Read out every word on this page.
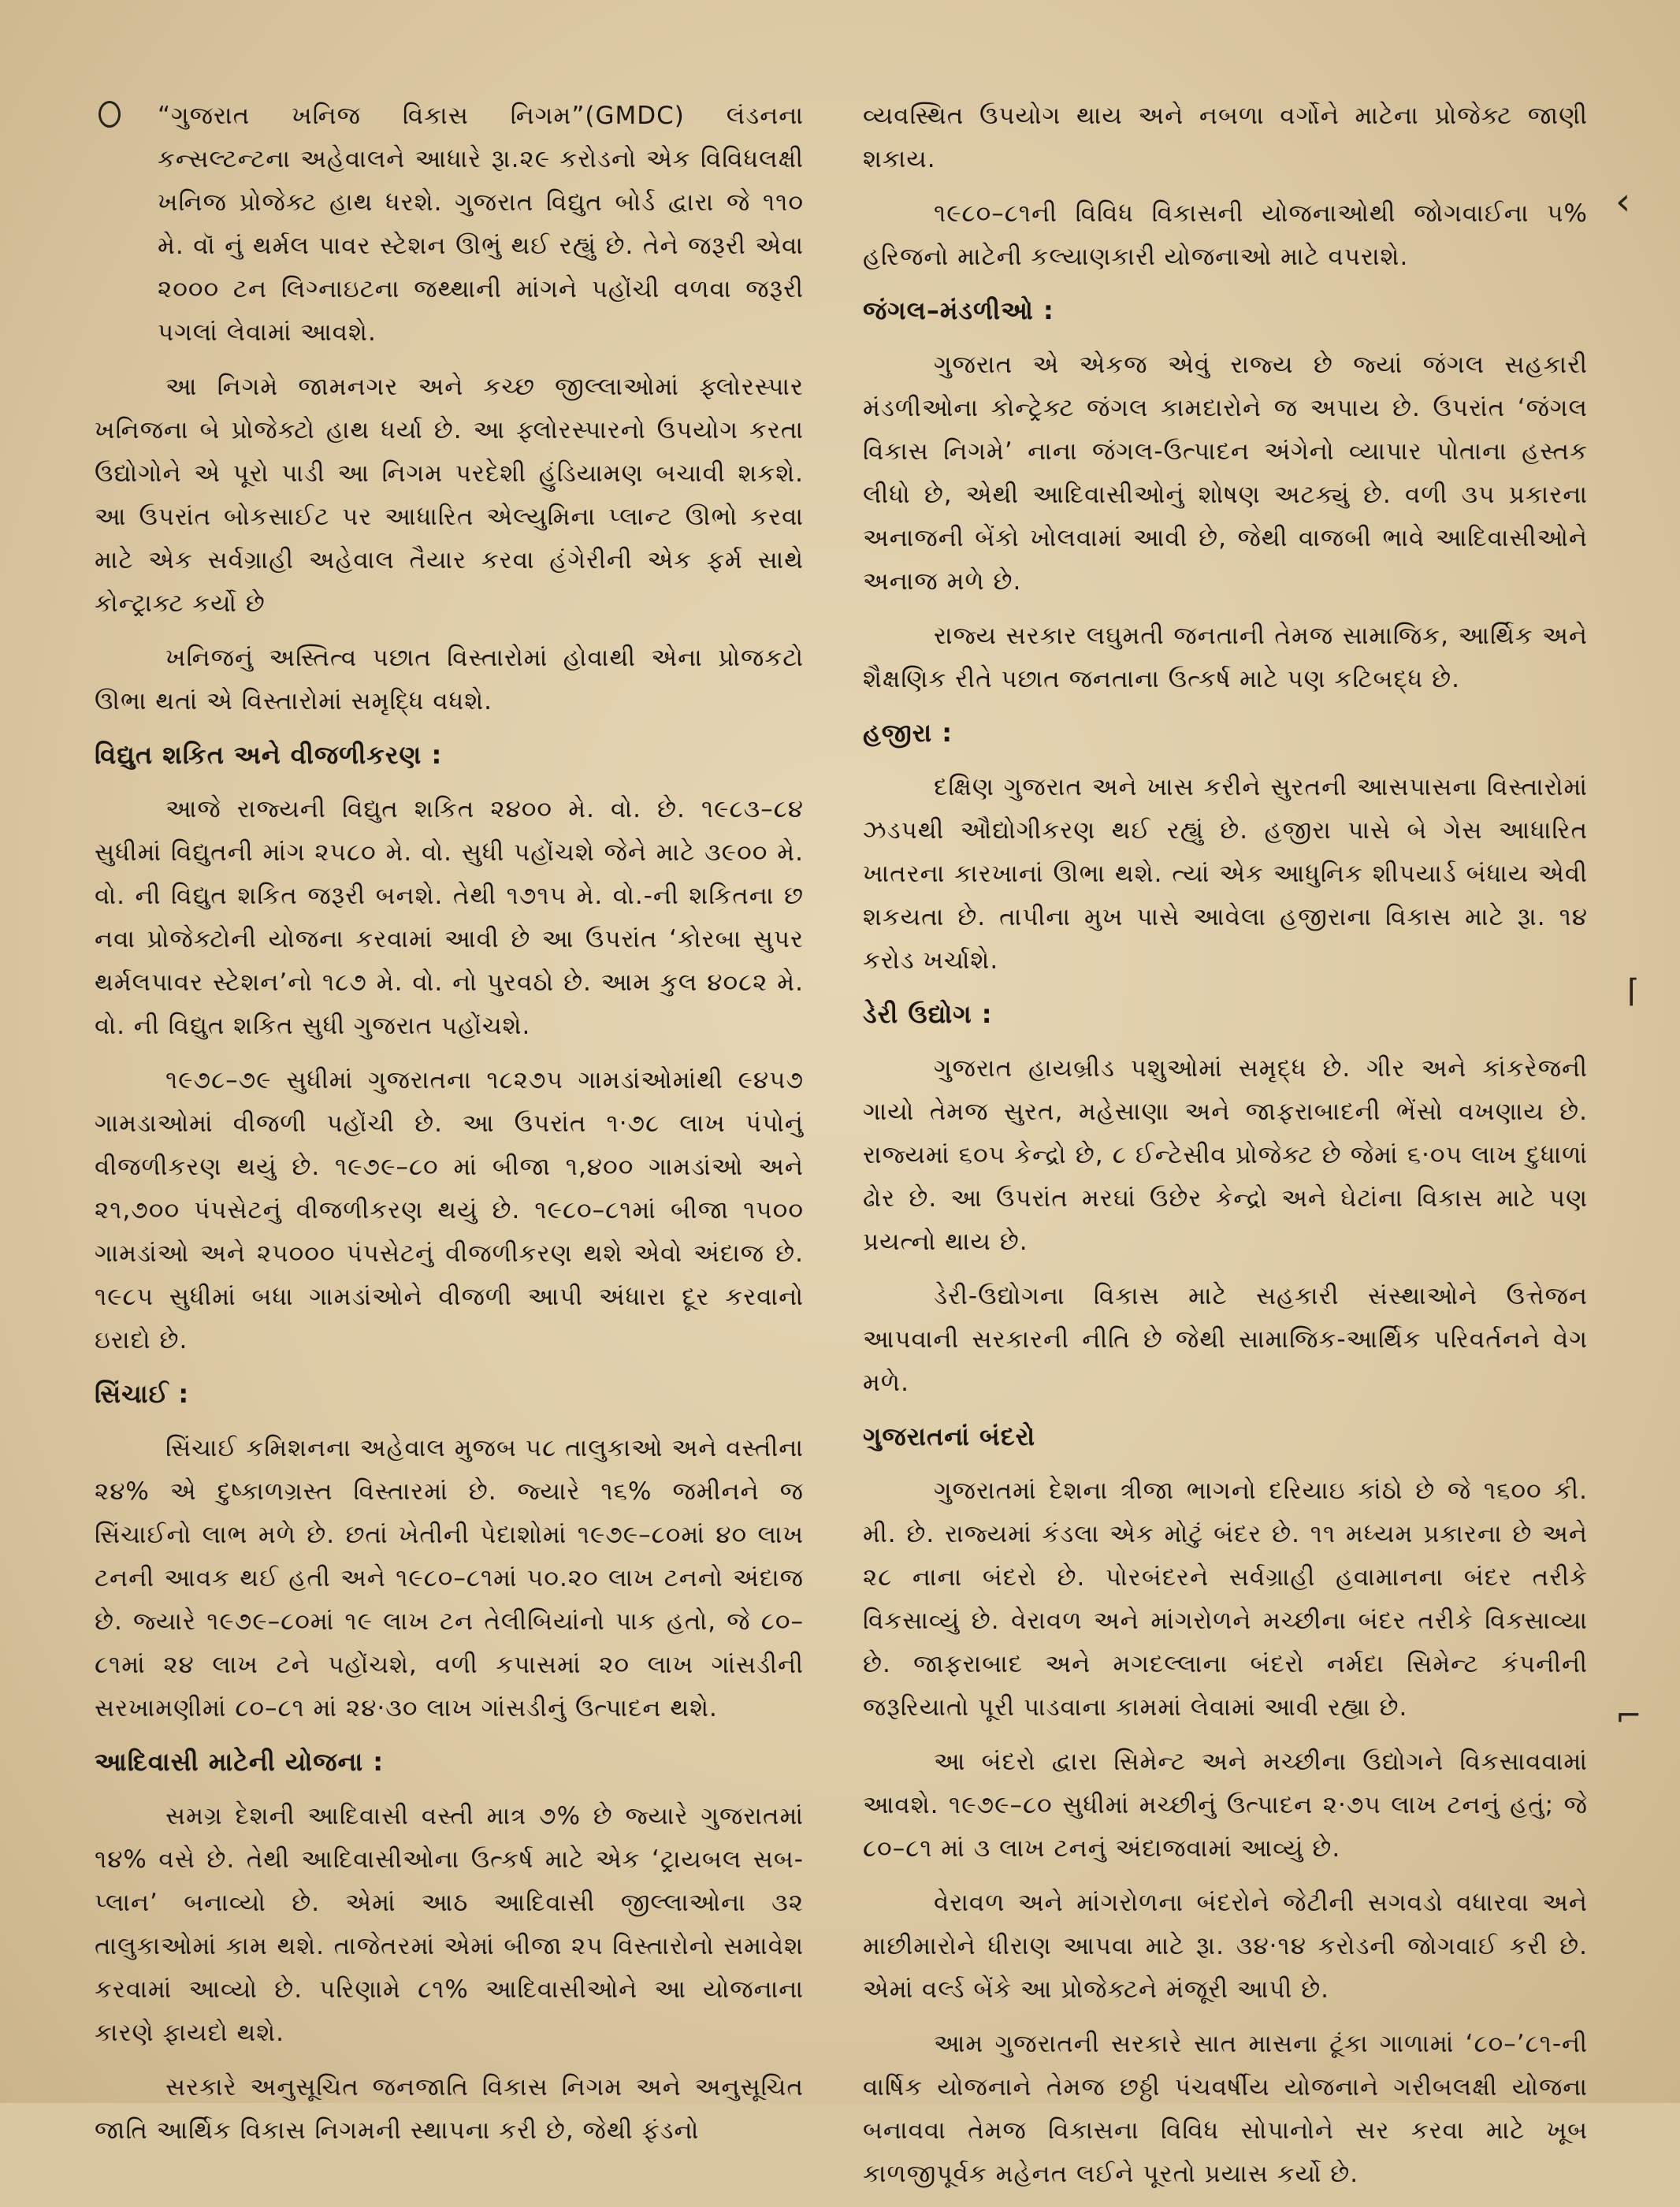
“ગુજરાત ખનિજ વિકાસ નિગમ”(GMDC) લંડનના કન્સલ્ટન્ટના અહેવાલને આધારે રૂા.૨૯ કરોડનો એક વિવિધલક્ષી ખનિજ પ્રોજેક્ટ હાથ ધરશે. ગુજરાત વિદ્યુત બોર્ડ દ્વારા જે ૧૧૦ મે. વૉ નું થર્મલ પાવર સ્ટેશન ઊભું થઈ રહ્યું છે. તેને જરૂરી એવા ૨૦૦૦ ટન લિગ્નાઇટના જથ્થાની માંગને પહોંચી વળવા જરૂરી પગલાં લેવામાં આવશે.

આ નિગમે જામનગર અને કચ્છ જીલ્લાઓમાં ફ્લોરસ્પાર ખનિજના બે પ્રોજેક્ટો હાથ ધર્યા છે. આ ફ્લોરસ્પારનો ઉપયોગ કરતા ઉદ્યોગોને એ પૂરો પાડી આ નિગમ પરદેશી હુંડિયામણ બચાવી શકશે. આ ઉપરાંત બોકસાઈટ પર આધારિત એલ્યુમિના પ્લાન્ટ ઊભો કરવા માટે એક સર્વગ્રાહી અહેવાલ તૈયાર કરવા હંગેરીની એક ફર્મ સાથે કોન્ટ્રાક્ટ કર્યો છે

ખનિજનું અસ્તિત્વ પછાત વિસ્તારોમાં હોવાથી એના પ્રોજકટો ઊભા થતાં એ વિસ્તારોમાં સમૃદ્ધિ વધશે.

વિદ્યુત શકિત અને વીજળીકરણ :

આજે રાજ્યની વિદ્યુત શકિત ૨૪૦૦ મે. વો. છે. ૧૯૮૩–૮૪ સુધીમાં વિદ્યુતની માંગ ૨૫૮૦ મે. વો. સુધી પહોંચશે જેને માટે ૩૯૦૦ મે. વો. ની વિદ્યુત શકિત જરૂરી બનશે. તેથી ૧૭૧૫ મે. વો.-ની શકિતના છ નવા પ્રોજેક્ટોની યોજના કરવામાં આવી છે આ ઉપરાંત ‘કોરબા સુપર થર્મલપાવર સ્ટેશન’નો ૧૮૭ મે. વો. નો પુરવઠો છે. આમ કુલ ૪૦૮૨ મે. વો. ની વિદ્યુત શકિત સુધી ગુજરાત પહોંચશે.

૧૯૭૮–૭૯ સુધીમાં ગુજરાતના ૧૮૨૭૫ ગામડાંઓમાંથી ૯૪૫૭ ગામડાઓમાં વીજળી પહોંચી છે. આ ઉપરાંત ૧·૭૮ લાખ પંપોનું વીજળીકરણ થયું છે. ૧૯૭૯–૮૦ માં બીજા ૧,૪૦૦ ગામડાંઓ અને ૨૧,૭૦૦ પંપસેટનું વીજળીકરણ થયું છે. ૧૯૮૦–૮૧માં બીજા ૧૫૦૦ ગામડાંઓ અને ૨૫૦૦૦ પંપસેટનું વીજળીકરણ થશે એવો અંદાજ છે. ૧૯૮૫ સુધીમાં બધા ગામડાંઓને વીજળી આપી અંધારા દૂર કરવાનો ઇરાદો છે.

સિંચાઈ :

સિંચાઈ કમિશનના અહેવાલ મુજબ ૫૮ તાલુકાઓ અને વસ્તીના ૨૪% એ દુષ્કાળગ્રસ્ત વિસ્તારમાં છે. જ્યારે ૧૬% જમીનને જ સિંચાઈનો લાભ મળે છે. છતાં ખેતીની પેદાશોમાં ૧૯૭૯–૮૦માં ૪૦ લાખ ટનની આવક થઈ હતી અને ૧૯૮૦–૮૧માં ૫૦.૨૦ લાખ ટનનો અંદાજ છે. જ્યારે ૧૯૭૯–૮૦માં ૧૯ લાખ ટન તેલીબિયાંનો પાક હતો, જે ૮૦–૮૧માં ૨૪ લાખ ટને પહોંચશે, વળી કપાસમાં ૨૦ લાખ ગાંસડીની સરખામણીમાં ૮૦–૮૧ માં ૨૪·૩૦ લાખ ગાંસડીનું ઉત્પાદન થશે.

આદિવાસી માટેની યોજના :

સમગ્ર દેશની આદિવાસી વસ્તી માત્ર ૭% છે જ્યારે ગુજરાતમાં ૧૪% વસે છે. તેથી આદિવાસીઓના ઉત્કર્ષ માટે એક ‘ટ્રાયબલ સબ-પ્લાન’ બનાવ્યો છે. એમાં આઠ આદિવાસી જીલ્લાઓના ૩૨ તાલુકાઓમાં કામ થશે. તાજેતરમાં એમાં બીજા ૨૫ વિસ્તારોનો સમાવેશ કરવામાં આવ્યો છે. પરિણામે ૮૧% આદિવાસીઓને આ યોજનાના કારણે ફાયદો થશે.

સરકારે અનુસૂચિત જનજાતિ વિકાસ નિગમ અને અનુસૂચિત જાતિ આર્થિક વિકાસ નિગમની સ્થાપના કરી છે, જેથી ફંડનો

વ્યવસ્થિત ઉપયોગ થાય અને નબળા વર્ગોને માટેના પ્રોજેક્ટ જાણી શકાય.

૧૯૮૦–૮૧ની વિવિધ વિકાસની યોજનાઓથી જોગવાઈના ૫% હરિજનો માટેની કલ્યાણકારી યોજનાઓ માટે વપરાશે.

જંગલ–મંડળીઓ :

ગુજરાત એ એકજ એવું રાજ્ય છે જ્યાં જંગલ સહકારી મંડળીઓના કોન્ટ્રેક્ટ જંગલ કામદારોને જ અપાય છે. ઉપરાંત ‘જંગલ વિકાસ નિગમે’ નાના જંગલ-ઉત્પાદન અંગેનો વ્યાપાર પોતાના હસ્તક લીધો છે, એથી આદિવાસીઓનું શોષણ અટક્યું છે. વળી ૩૫ પ્રકારના અનાજની બેંકો ખોલવામાં આવી છે, જેથી વાજબી ભાવે આદિવાસીઓને અનાજ મળે છે.

રાજ્ય સરકાર લઘુમતી જનતાની તેમજ સામાજિક, આર્થિક અને શૈક્ષણિક રીતે પછાત જનતાના ઉત્કર્ષ માટે પણ કટિબદ્ધ છે.

હજીરા :

દક્ષિણ ગુજરાત અને ખાસ કરીને સુરતની આસપાસના વિસ્તારોમાં ઝડપથી ઔદ્યોગીકરણ થઈ રહ્યું છે. હજીરા પાસે બે ગેસ આધારિત ખાતરના કારખાનાં ઊભા થશે. ત્યાં એક આધુનિક શીપયાર્ડ બંધાય એવી શકયતા છે. તાપીના મુખ પાસે આવેલા હજીરાના વિકાસ માટે રૂા. ૧૪ કરોડ ખર્ચાશે.

ડેરી ઉદ્યોગ :

ગુજરાત હાયબ્રીડ પશુઓમાં સમૃદ્ધ છે. ગીર અને કાંકરેજની ગાયો તેમજ સુરત, મહેસાણા અને જાફરાબાદની ભેંસો વખણાય છે. રાજ્યમાં ૬૦૫ કેન્દ્રો છે, ૮ ઈન્ટેસીવ પ્રોજેક્ટ છે જેમાં ૬·૦૫ લાખ દુધાળાં ઢોર છે. આ ઉપરાંત મરઘાં ઉછેર કેન્દ્રો અને ઘેટાંના વિકાસ માટે પણ પ્રયત્નો થાય છે.

ડેરી-ઉદ્યોગના વિકાસ માટે સહકારી સંસ્થાઓને ઉત્તેજન આપવાની સરકારની નીતિ છે જેથી સામાજિક-આર્થિક પરિવર્તનને વેગ મળે.

ગુજરાતનાં બંદરો

ગુજરાતમાં દેશના ત્રીજા ભાગનો દરિયાઇ કાંઠો છે જે ૧૬૦૦ કી. મી. છે. રાજ્યમાં કંડલા એક મોટું બંદર છે. ૧૧ મધ્યમ પ્રકારના છે અને ૨૮ નાના બંદરો છે. પોરબંદરને સર્વગ્રાહી હવામાનના બંદર તરીકે વિકસાવ્યું છે. વેરાવળ અને માંગરોળને મચ્છીના બંદર તરીકે વિકસાવ્યા છે. જાફરાબાદ અને મગદલ્લાના બંદરો નર્મદા સિમેન્ટ કંપનીની જરૂરિયાતો પૂરી પાડવાના કામમાં લેવામાં આવી રહ્યા છે.

આ બંદરો દ્વારા સિમેન્ટ અને મચ્છીના ઉદ્યોગને વિકસાવવામાં આવશે. ૧૯૭૯–૮૦ સુધીમાં મચ્છીનું ઉત્પાદન ૨·૭૫ લાખ ટનનું હતું; જે ૮૦–૮૧ માં ૩ લાખ ટનનું અંદાજવામાં આવ્યું છે.

વેરાવળ અને માંગરોળના બંદરોને જેટીની સગવડો વધારવા અને માછીમારોને ધીરાણ આપવા માટે રૂા. ૩૪·૧૪ કરોડની જોગવાઈ કરી છે. એમાં વર્લ્ડ બેંકે આ પ્રોજેક્ટને મંજૂરી આપી છે.

આમ ગુજરાતની સરકારે સાત માસના ટૂંકા ગાળામાં ‘૮૦–’૮૧-ની વાર્ષિક યોજનાને તેમજ છઠ્ઠી પંચવર્ષીય યોજનાને ગરીબલક્ષી યોજના બનાવવા તેમજ વિકાસના વિવિધ સોપાનોને સર કરવા માટે ખૂબ કાળજીપૂર્વક મહેનત લઈને પૂરતો પ્રયાસ કર્યો છે.

‹
⌈
⌐
